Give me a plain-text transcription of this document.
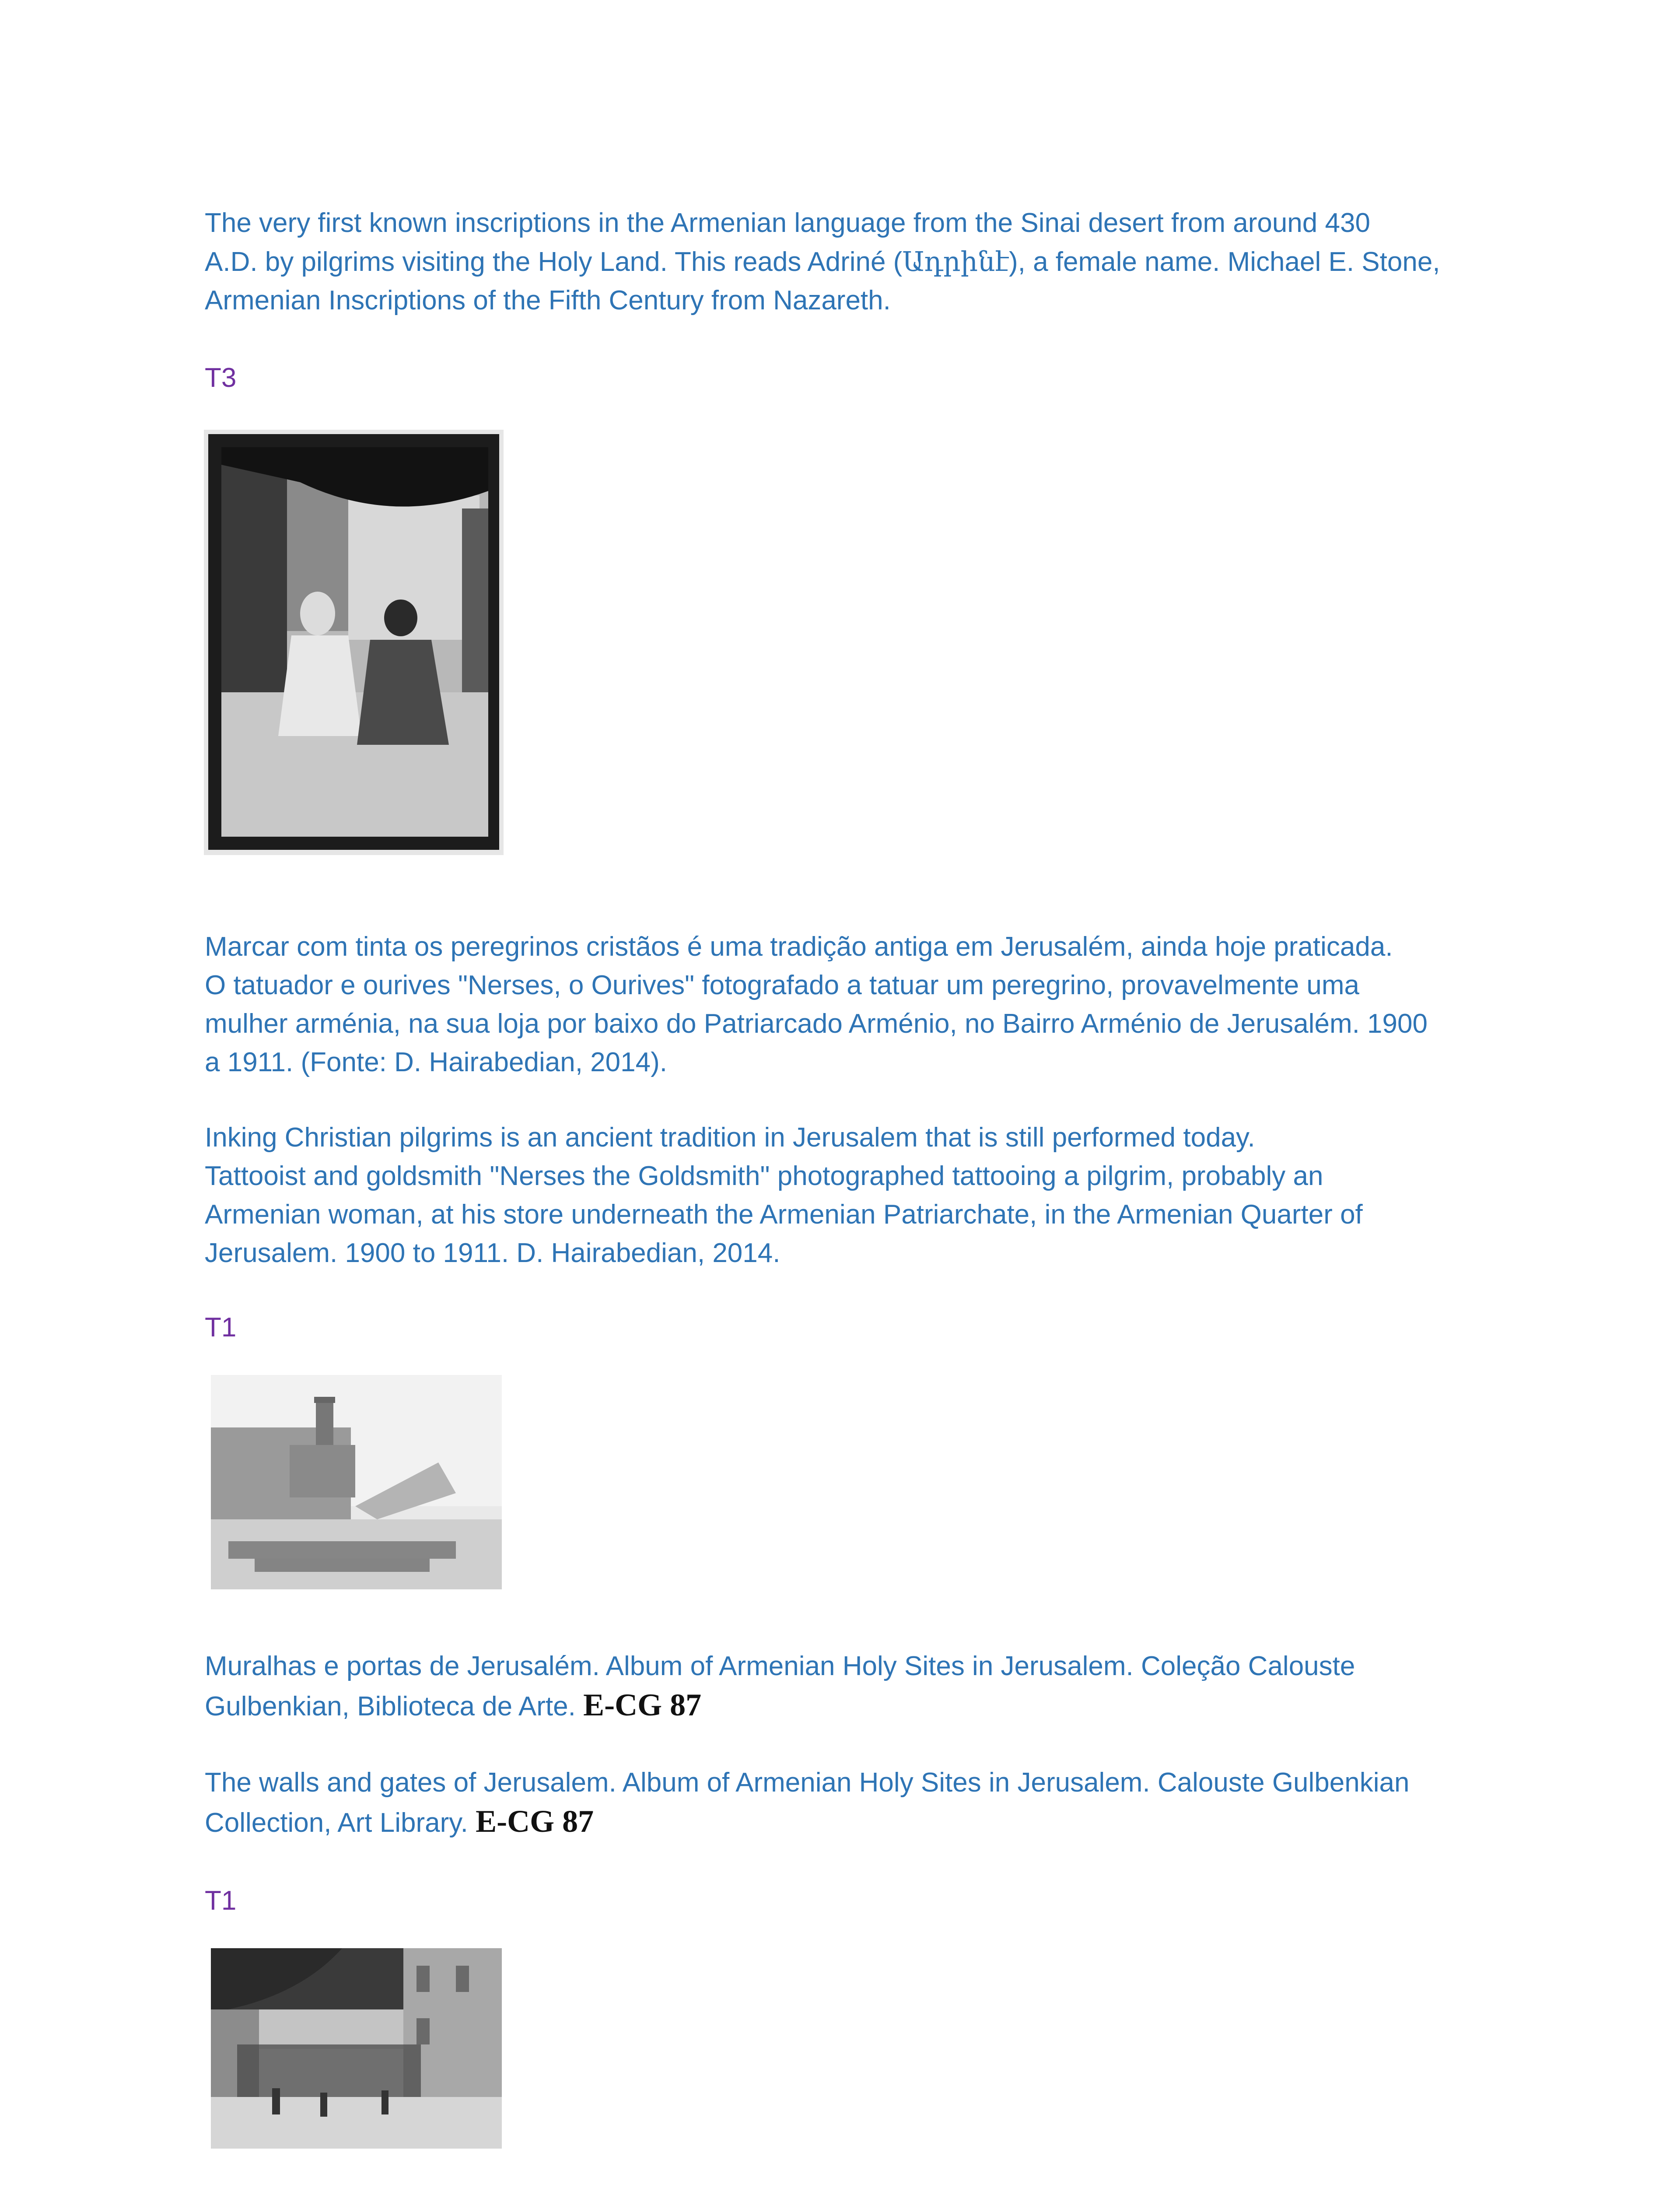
The very first known inscriptions in the Armenian language from the Sinai desert from around 430
A.D. by pilgrims visiting the Holy Land. This reads Adriné (Ադրինէ), a female name. Michael E. Stone,
Armenian Inscriptions of the Fifth Century from Nazareth.

T3

Marcar com tinta os peregrinos cristãos é uma tradição antiga em Jerusalém, ainda hoje praticada.
O tatuador e ourives "Nerses, o Ourives" fotografado a tatuar um peregrino, provavelmente uma
mulher arménia, na sua loja por baixo do Patriarcado Arménio, no Bairro Arménio de Jerusalém. 1900
a 1911. (Fonte: D. Hairabedian, 2014).

Inking Christian pilgrims is an ancient tradition in Jerusalem that is still performed today.
Tattooist and goldsmith "Nerses the Goldsmith" photographed tattooing a pilgrim, probably an
Armenian woman, at his store underneath the Armenian Patriarchate, in the Armenian Quarter of
Jerusalem. 1900 to 1911. D. Hairabedian, 2014.

T1

Muralhas e portas de Jerusalém. Album of Armenian Holy Sites in Jerusalem. Coleção Calouste
Gulbenkian, Biblioteca de Arte. E-CG 87

The walls and gates of Jerusalem. Album of Armenian Holy Sites in Jerusalem. Calouste Gulbenkian
Collection, Art Library. E-CG 87

T1
